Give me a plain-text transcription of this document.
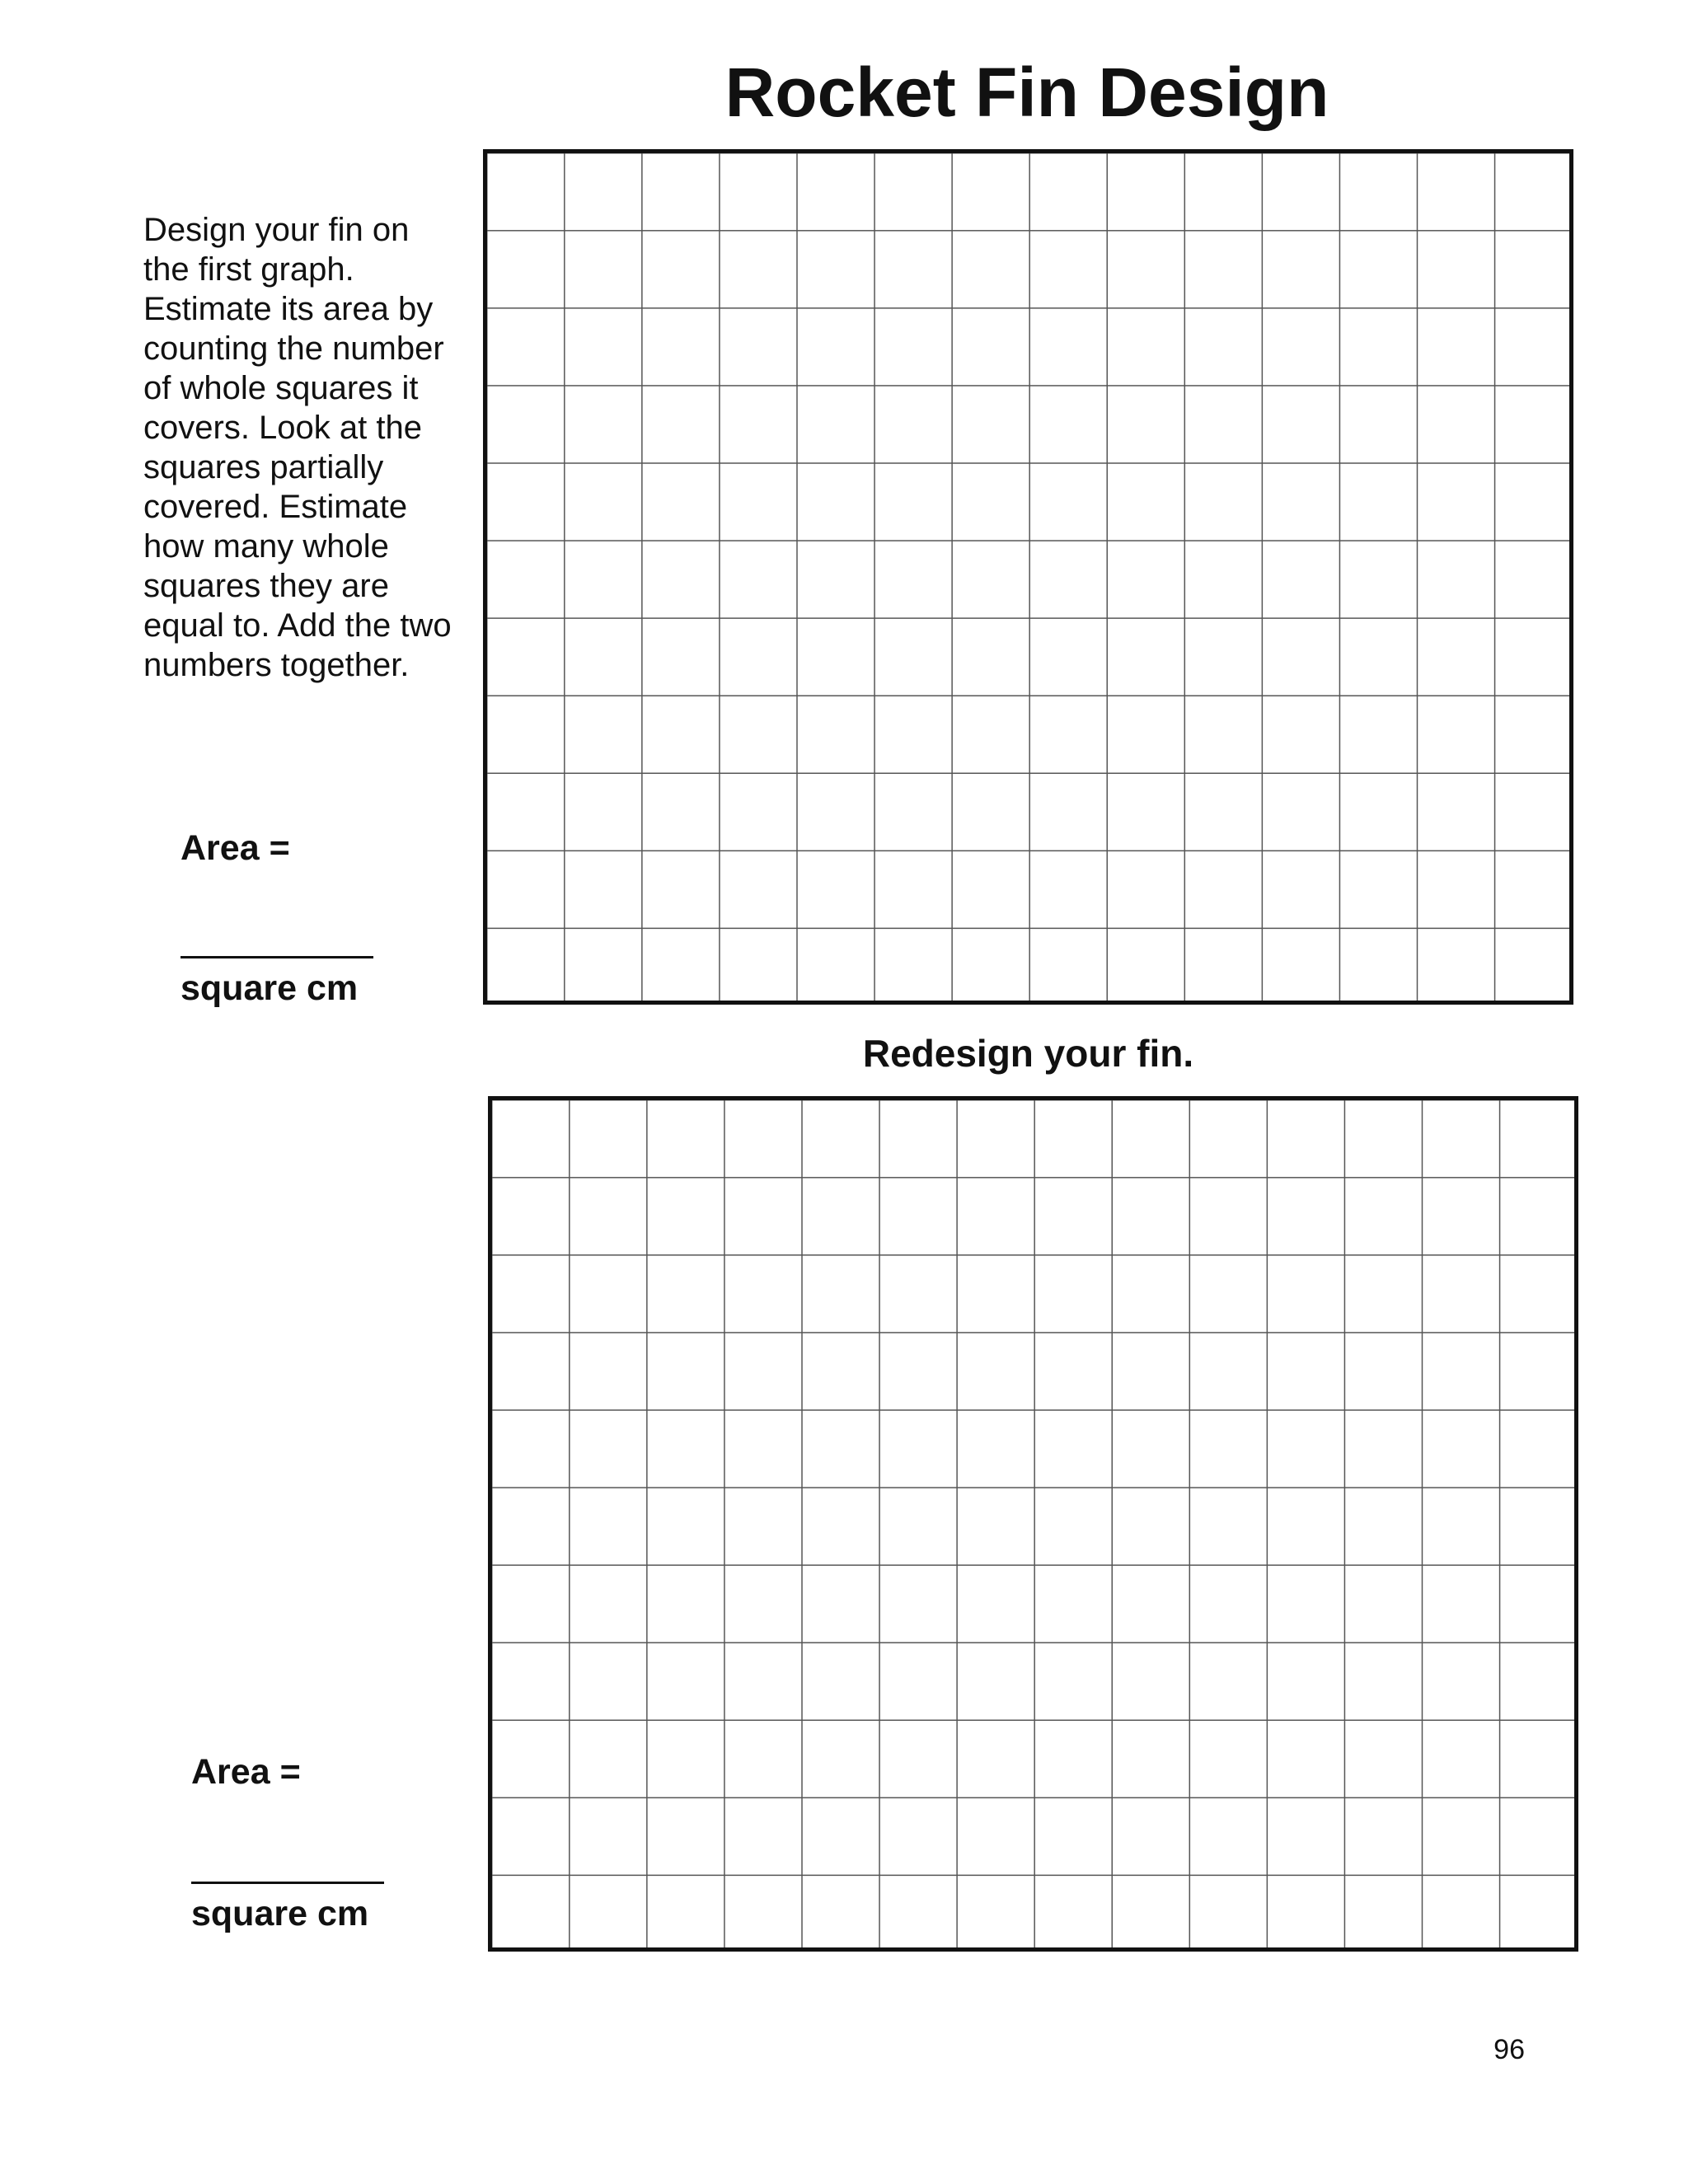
Rocket Fin Design

Design your fin on the first graph. Estimate its area by counting the number of whole squares it covers. Look at the squares partially covered. Estimate how many whole squares they are equal to. Add the two numbers together.

Area =
square cm

Redesign your fin.

Area =
square cm
96
